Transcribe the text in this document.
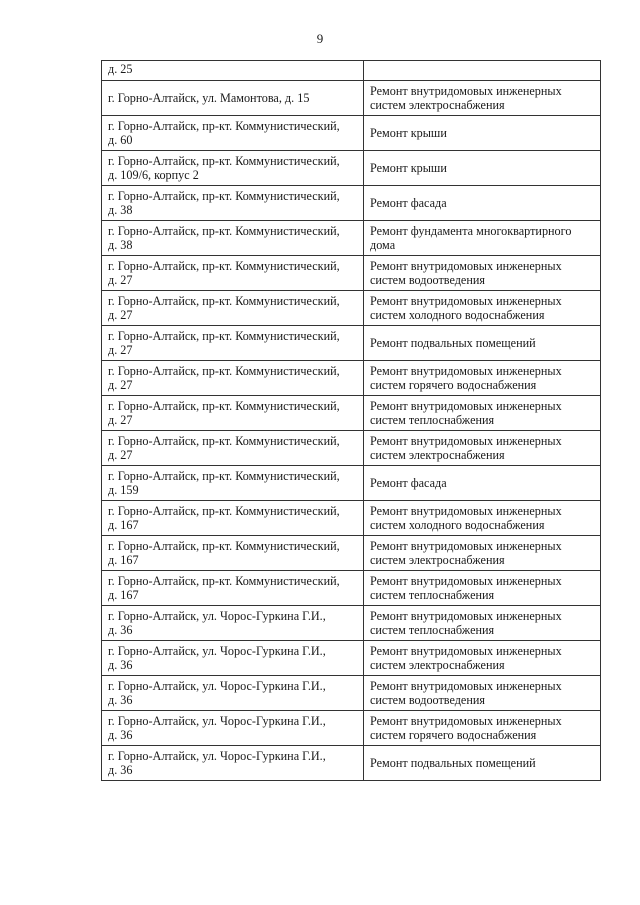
9
д. 25	

г. Горно-Алтайск, ул. Мамонтова, д. 15	Ремонт внутридомовых инженерных
систем электроснабжения

г. Горно-Алтайск, пр-кт. Коммунистический,
д. 60	Ремонт крыши

г. Горно-Алтайск, пр-кт. Коммунистический,
д. 109/6, корпус 2	Ремонт крыши

г. Горно-Алтайск, пр-кт. Коммунистический,
д. 38	Ремонт фасада

г. Горно-Алтайск, пр-кт. Коммунистический,
д. 38	Ремонт фундамента многоквартирного
дома

г. Горно-Алтайск, пр-кт. Коммунистический,
д. 27	Ремонт внутридомовых инженерных
систем водоотведения

г. Горно-Алтайск, пр-кт. Коммунистический,
д. 27	Ремонт внутридомовых инженерных
систем холодного водоснабжения

г. Горно-Алтайск, пр-кт. Коммунистический,
д. 27	Ремонт подвальных помещений

г. Горно-Алтайск, пр-кт. Коммунистический,
д. 27	Ремонт внутридомовых инженерных
систем горячего водоснабжения

г. Горно-Алтайск, пр-кт. Коммунистический,
д. 27	Ремонт внутридомовых инженерных
систем теплоснабжения

г. Горно-Алтайск, пр-кт. Коммунистический,
д. 27	Ремонт внутридомовых инженерных
систем электроснабжения

г. Горно-Алтайск, пр-кт. Коммунистический,
д. 159	Ремонт фасада

г. Горно-Алтайск, пр-кт. Коммунистический,
д. 167	Ремонт внутридомовых инженерных
систем холодного водоснабжения

г. Горно-Алтайск, пр-кт. Коммунистический,
д. 167	Ремонт внутридомовых инженерных
систем электроснабжения

г. Горно-Алтайск, пр-кт. Коммунистический,
д. 167	Ремонт внутридомовых инженерных
систем теплоснабжения

г. Горно-Алтайск, ул. Чорос-Гуркина Г.И.,
д. 36	Ремонт внутридомовых инженерных
систем теплоснабжения

г. Горно-Алтайск, ул. Чорос-Гуркина Г.И.,
д. 36	Ремонт внутридомовых инженерных
систем электроснабжения

г. Горно-Алтайск, ул. Чорос-Гуркина Г.И.,
д. 36	Ремонт внутридомовых инженерных
систем водоотведения

г. Горно-Алтайск, ул. Чорос-Гуркина Г.И.,
д. 36	Ремонт внутридомовых инженерных
систем горячего водоснабжения

г. Горно-Алтайск, ул. Чорос-Гуркина Г.И.,
д. 36	Ремонт подвальных помещений
